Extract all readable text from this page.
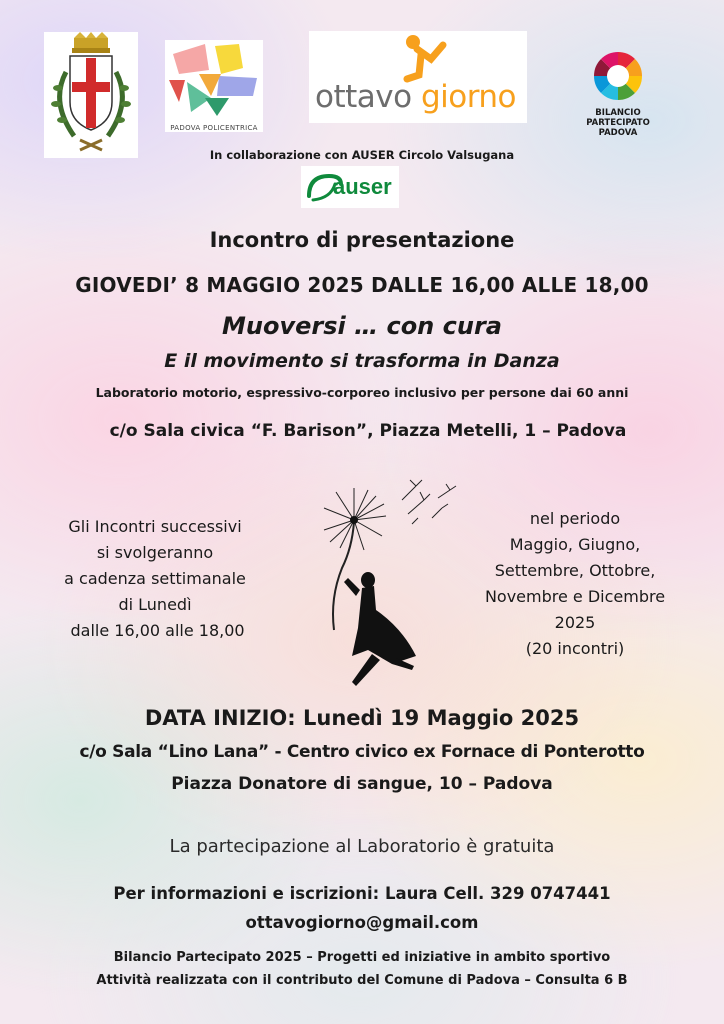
PADOVA POLICENTRICA
ottavo giorno	BILANCIO
PARTECIPATO
PADOVA
In collaborazione con AUSER Circolo Valsugana
auser
Incontro di presentazione
GIOVEDI’ 8 MAGGIO 2025 DALLE 16,00 ALLE 18,00
Muoversi … con cura
E il movimento si trasforma in Danza
Laboratorio motorio, espressivo-corporeo inclusivo per persone dai 60 anni
c/o Sala civica “F. Barison”, Piazza Metelli, 1 – Padova
Gli Incontri successivi
si svolgeranno
a cadenza settimanale
di Lunedì
dalle 16,00 alle 18,00
nel periodo
Maggio, Giugno,
Settembre, Ottobre,
Novembre e Dicembre
2025
(20 incontri)
DATA INIZIO: Lunedì 19 Maggio 2025
c/o Sala “Lino Lana” - Centro civico ex Fornace di Ponterotto
Piazza Donatore di sangue, 10 – Padova
La partecipazione al Laboratorio è gratuita
Per informazioni e iscrizioni: Laura Cell. 329 0747441
ottavogiorno@gmail.com
Bilancio Partecipato 2025 – Progetti ed iniziative in ambito sportivo
Attività realizzata con il contributo del Comune di Padova – Consulta 6 B
